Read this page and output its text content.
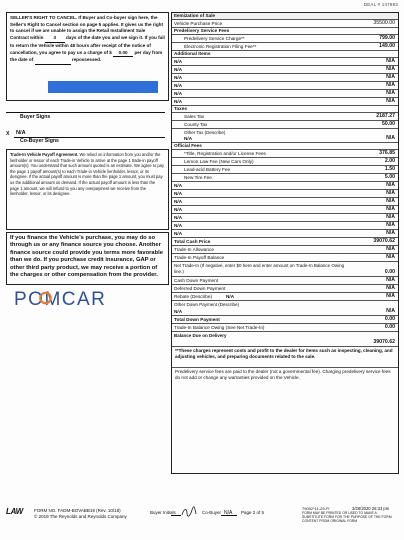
DEAL # 147893
SELLER'S RIGHT TO CANCEL. If Buyer and Co-buyer sign here, the Seller's Right to Cancel section on page 5 applies. It gives us the right to cancel if we are unable to assign the Retail Installment Sale Contract within 3 days of the date you and we sign it. If you fail to return the Vehicle within 48 hours after receipt of the notice of cancellation, you agree to pay us a charge of $ 0.00 per day from the date of	repossessed.
Buyer Signs
X N/A
Co-Buyer Signs
Trade-In Vehicle Payoff Agreement. We relied on information from you and/or the lienholder or lessor of each Trade-in Vehicle to arrive at the page 1 trade-in payoff amount(s). You understand that such amount quoted is an estimate. We agree to pay the page 1 payoff amount(s) to each Trade-in Vehicle lienholder, lessor, or its designee. If the actual payoff amount is more than the page 1 amount, you must pay us the additional amount on demand. If the actual payoff amount is less than the page 1 amount, we will refund to you any overpayment we receive from the lienholder, lessor, or its designee.
If you finance the Vehicle's purchase, you may do so through us or any finance source you choose. Another finance source could provide you terms more favorable than we do. If you purchase credit insurance, GAP or other third party product, we may receive a portion of the charges or other compensation from the provider.
POMCAR
Itemization of Sale
Vehicle Purchase Price	35500.00
Predelivery Service Fees
Predelivery Service Charge**	799.00
Electronic Registration Filing Fee**	149.00
Additional Items
N/A	N/A
N/A	N/A
N/A	N/A
N/A	N/A
N/A	N/A
N/A	N/A
Taxes
Sales Tax	2187.27
County Tax	50.00
Other Tax (Describe)
N/A	N/A
Official Fees
*Title, Registration and/or License Fees	376.85
Lemon Law Fee (New Cars Only)	2.00
Lead-acid Battery Fee	1.50
New Tire Fee	5.00
N/A	N/A
N/A	N/A
N/A	N/A
N/A	N/A
N/A	N/A
N/A	N/A
N/A	N/A
Total Cash Price	39070.62
Trade-In Allowance	N/A
Trade-In Payoff Balance	N/A
Net Trade-In (If negative, enter $0 here and enter amount on Trade-In Balance Owing line.)	0.00
Cash Down Payment	N/A
Deferred Down Payment	N/A
Rebate (Describe)	N/A	N/A
Other Down Payment (Describe)
N/A	N/A
Total Down Payment	0.00
Trade-In Balance Owing (See Net Trade-In)	0.00
Balance Due on Delivery
39070.62
**These charges represent costs and profit to the dealer for items such as inspecting, cleaning, and adjusting vehicles, and preparing documents related to the sale.
Predelivery service fees are paid to the dealer (not a governmental fee). Charging predelivery service fees do not add or change any warranties provided on the Vehicle.
LAW FORM NO. FADM-BOVABB19 (Rev. 10/18)
© 2019 The Reynolds and Reynolds Company
Buyer Initials	Co-Buyer N/A Page 2 of 5
79092*11-29-FI
FORM MAY BE PRINTED OR USED TO MAKE A SUBSTITUTE FORM FOR THE PURPOSE OF THE FORM CONTENT FROM ORIGINAL FORM
3/28/2020 26:33 pm
